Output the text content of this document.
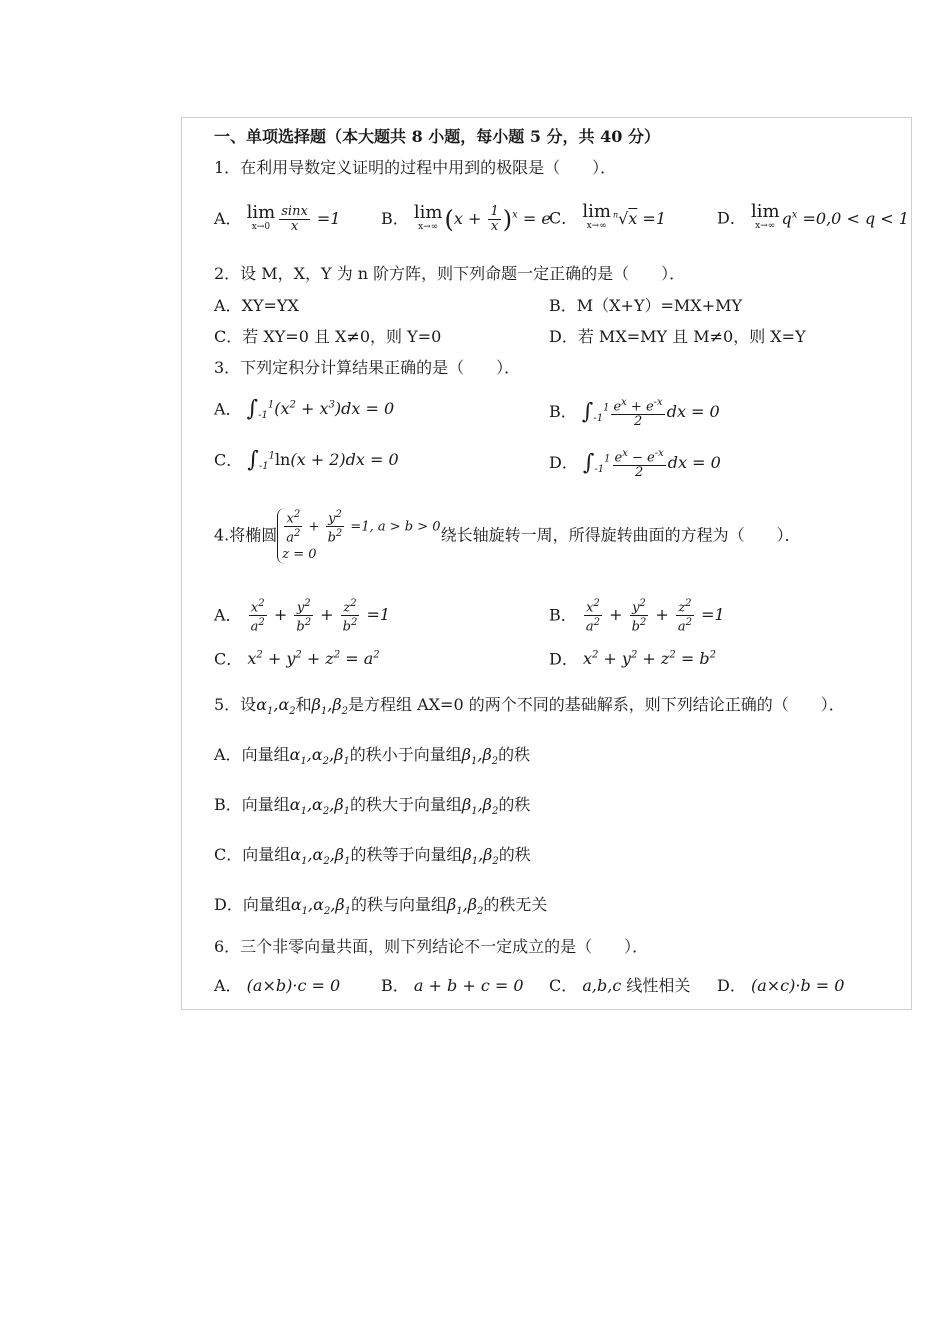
一、单项选择题（本大题共 8 小题，每小题 5 分，共 40 分）
1．在利用导数定义证明的过程中用到的极限是（　　）．
A． lim
$x\to 0 \frac{\sin x}{x} =1$	B． lim
x→∞ $(x + \frac{1}{x} )^x = e$
C． lim
x→∞
$^n$√x =1	D． lim
x→∞ $q^x =0,0 < q < 1$
2．设 M，X，Y 为 n 阶方阵，则下列命题一定正确的是（　　）．
A．XY=YX	B．M（X+Y）=MX+MY
C．若 XY=0 且 X≠0，则 Y=0	D．若 MX=MY 且 M≠0，则 X=Y
3．下列定积分计算结果正确的是（　　）．
A． $\int_{-1}^1(x^2 + x^3)dx = 0$	B． $\int_{-1}^1 \frac{e^x + e^{-x}}{2}$ dx = 0
C． $\int_{-1}^1\ln(x + 2)dx = 0$	D． $\int_{-1}^1 \frac{e^x - e^{-x}}{2}$ dx = 0
4.将椭圆 $\frac{x^2}{a^2} + \frac{y^2}{b^2} =1$, a > b > 0
z = 0
绕长轴旋转一周，所得旋转曲面的方程为（　　）．
A． $\frac{x^2}{a^2} + \frac{y^2}{b^2} + \frac{z^2}{b^2} =1$	B． $\frac{x^2}{a^2} + \frac{y^2}{b^2} + \frac{z^2}{a^2} =1$
C． $x^2 + y^2 + z^2 = a^2$	D． $x^2 + y^2 + z^2 = b^2$
5．设$\alpha_1,\alpha_2$和$\beta_1,\beta_2$是方程组 AX=0 的两个不同的基础解系，则下列结论正确的（　　）．
A．向量组$\alpha_1,\alpha_2,\beta_1$的秩小于向量组$\beta_1,\beta_2$的秩
B．向量组$\alpha_1,\alpha_2,\beta_1$的秩大于向量组$\beta_1,\beta_2$的秩
C．向量组$\alpha_1,\alpha_2,\beta_1$的秩等于向量组$\beta_1,\beta_2$的秩
D．向量组$\alpha_1,\alpha_2,\beta_1$的秩与向量组$\beta_1,\beta_2$的秩无关
6．三个非零向量共面，则下列结论不一定成立的是（　　）．
A． (a×b)·c = 0	B． a + b + c = 0 C． a,b,c 线性相关 D． (a×c)·b = 0
